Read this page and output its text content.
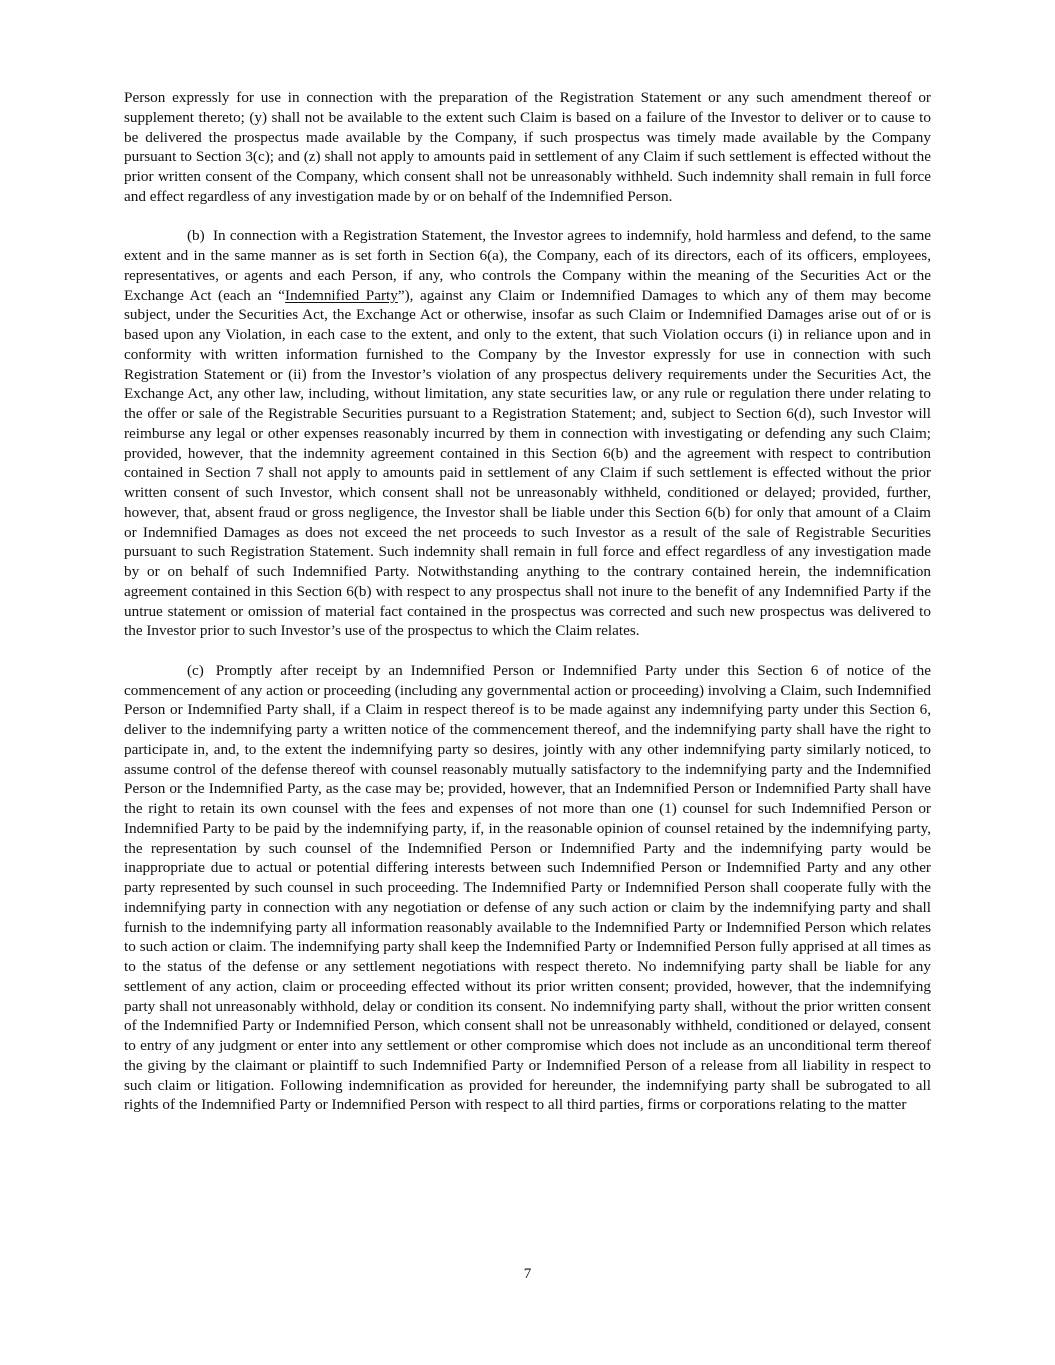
Person expressly for use in connection with the preparation of the Registration Statement or any such amendment thereof or supplement thereto; (y) shall not be available to the extent such Claim is based on a failure of the Investor to deliver or to cause to be delivered the prospectus made available by the Company, if such prospectus was timely made available by the Company pursuant to Section 3(c); and (z) shall not apply to amounts paid in settlement of any Claim if such settlement is effected without the prior written consent of the Company, which consent shall not be unreasonably withheld. Such indemnity shall remain in full force and effect regardless of any investigation made by or on behalf of the Indemnified Person.

(b) In connection with a Registration Statement, the Investor agrees to indemnify, hold harmless and defend, to the same extent and in the same manner as is set forth in Section 6(a), the Company, each of its directors, each of its officers, employees, representatives, or agents and each Person, if any, who controls the Company within the meaning of the Securities Act or the Exchange Act (each an “Indemnified Party”), against any Claim or Indemnified Damages to which any of them may become subject, under the Securities Act, the Exchange Act or otherwise, insofar as such Claim or Indemnified Damages arise out of or is based upon any Violation, in each case to the extent, and only to the extent, that such Violation occurs (i) in reliance upon and in conformity with written information furnished to the Company by the Investor expressly for use in connection with such Registration Statement or (ii) from the Investor’s violation of any prospectus delivery requirements under the Securities Act, the Exchange Act, any other law, including, without limitation, any state securities law, or any rule or regulation there under relating to the offer or sale of the Registrable Securities pursuant to a Registration Statement; and, subject to Section 6(d), such Investor will reimburse any legal or other expenses reasonably incurred by them in connection with investigating or defending any such Claim; provided, however, that the indemnity agreement contained in this Section 6(b) and the agreement with respect to contribution contained in Section 7 shall not apply to amounts paid in settlement of any Claim if such settlement is effected without the prior written consent of such Investor, which consent shall not be unreasonably withheld, conditioned or delayed; provided, further, however, that, absent fraud or gross negligence, the Investor shall be liable under this Section 6(b) for only that amount of a Claim or Indemnified Damages as does not exceed the net proceeds to such Investor as a result of the sale of Registrable Securities pursuant to such Registration Statement. Such indemnity shall remain in full force and effect regardless of any investigation made by or on behalf of such Indemnified Party. Notwithstanding anything to the contrary contained herein, the indemnification agreement contained in this Section 6(b) with respect to any prospectus shall not inure to the benefit of any Indemnified Party if the untrue statement or omission of material fact contained in the prospectus was corrected and such new prospectus was delivered to the Investor prior to such Investor’s use of the prospectus to which the Claim relates.

(c) Promptly after receipt by an Indemnified Person or Indemnified Party under this Section 6 of notice of the commencement of any action or proceeding (including any governmental action or proceeding) involving a Claim, such Indemnified Person or Indemnified Party shall, if a Claim in respect thereof is to be made against any indemnifying party under this Section 6, deliver to the indemnifying party a written notice of the commencement thereof, and the indemnifying party shall have the right to participate in, and, to the extent the indemnifying party so desires, jointly with any other indemnifying party similarly noticed, to assume control of the defense thereof with counsel reasonably mutually satisfactory to the indemnifying party and the Indemnified Person or the Indemnified Party, as the case may be; provided, however, that an Indemnified Person or Indemnified Party shall have the right to retain its own counsel with the fees and expenses of not more than one (1) counsel for such Indemnified Person or Indemnified Party to be paid by the indemnifying party, if, in the reasonable opinion of counsel retained by the indemnifying party, the representation by such counsel of the Indemnified Person or Indemnified Party and the indemnifying party would be inappropriate due to actual or potential differing interests between such Indemnified Person or Indemnified Party and any other party represented by such counsel in such proceeding. The Indemnified Party or Indemnified Person shall cooperate fully with the indemnifying party in connection with any negotiation or defense of any such action or claim by the indemnifying party and shall furnish to the indemnifying party all information reasonably available to the Indemnified Party or Indemnified Person which relates to such action or claim. The indemnifying party shall keep the Indemnified Party or Indemnified Person fully apprised at all times as to the status of the defense or any settlement negotiations with respect thereto. No indemnifying party shall be liable for any settlement of any action, claim or proceeding effected without its prior written consent; provided, however, that the indemnifying party shall not unreasonably withhold, delay or condition its consent. No indemnifying party shall, without the prior written consent of the Indemnified Party or Indemnified Person, which consent shall not be unreasonably withheld, conditioned or delayed, consent to entry of any judgment or enter into any settlement or other compromise which does not include as an unconditional term thereof the giving by the claimant or plaintiff to such Indemnified Party or Indemnified Person of a release from all liability in respect to such claim or litigation. Following indemnification as provided for hereunder, the indemnifying party shall be subrogated to all rights of the Indemnified Party or Indemnified Person with respect to all third parties, firms or corporations relating to the matter

7
